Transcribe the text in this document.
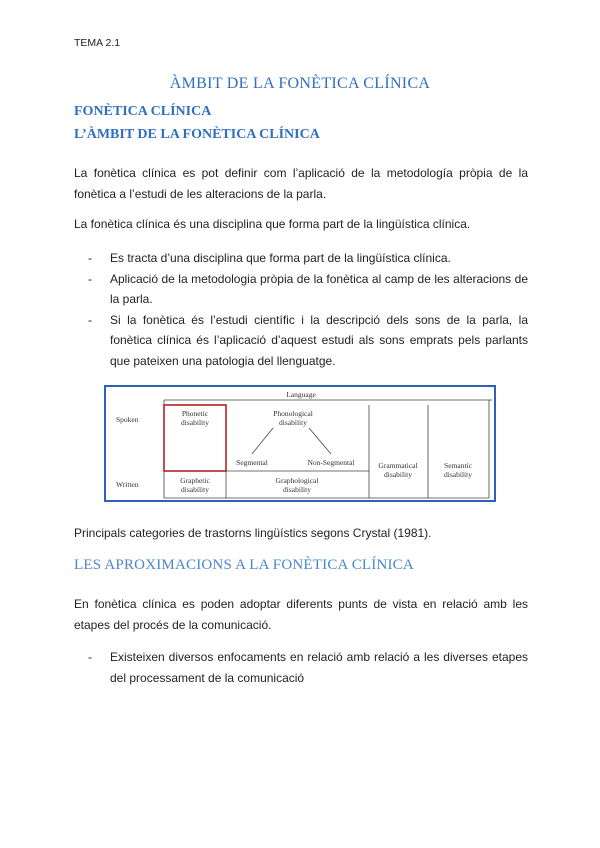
TEMA 2.1
ÀMBIT DE LA FONÈTICA CLÍNICA
FONÈTICA CLÍNICA
L’ÀMBIT DE LA FONÈTICA CLÍNICA
La fonètica clínica es pot definir com l’aplicació de la metodología pròpia de la fonètica a l’estudi de les alteracions de la parla.
La fonètica clínica és una disciplina que forma part de la lingüística clínica.
- Es tracta d’una disciplina que forma part de la lingüística clínica.
- Aplicació de la metodologia pròpia de la fonètica al camp de les alteracions de la parla.
- Si la fonètica és l’estudi científic i la descripció dels sons de la parla, la fonètica clínica és l’aplicació d’aquest estudi als sons emprats pels parlants que pateixen una patologia del llenguatge.
Language
Spoken
Written
Phonetic
disability
Phonological
disability
Segmental	Non-Segmental	Grammatical
disability
Semantic
disability
Graphetic
disability
Graphological
disability
Principals categories de trastorns lingüístics segons Crystal (1981).
LES APROXIMACIONS A LA FONÈTICA CLÍNICA
En fonètica clínica es poden adoptar diferents punts de vista en relació amb les etapes del procés de la comunicació.
- Existeixen diversos enfocaments en relació amb relació a les diverses etapes del processament de la comunicació
